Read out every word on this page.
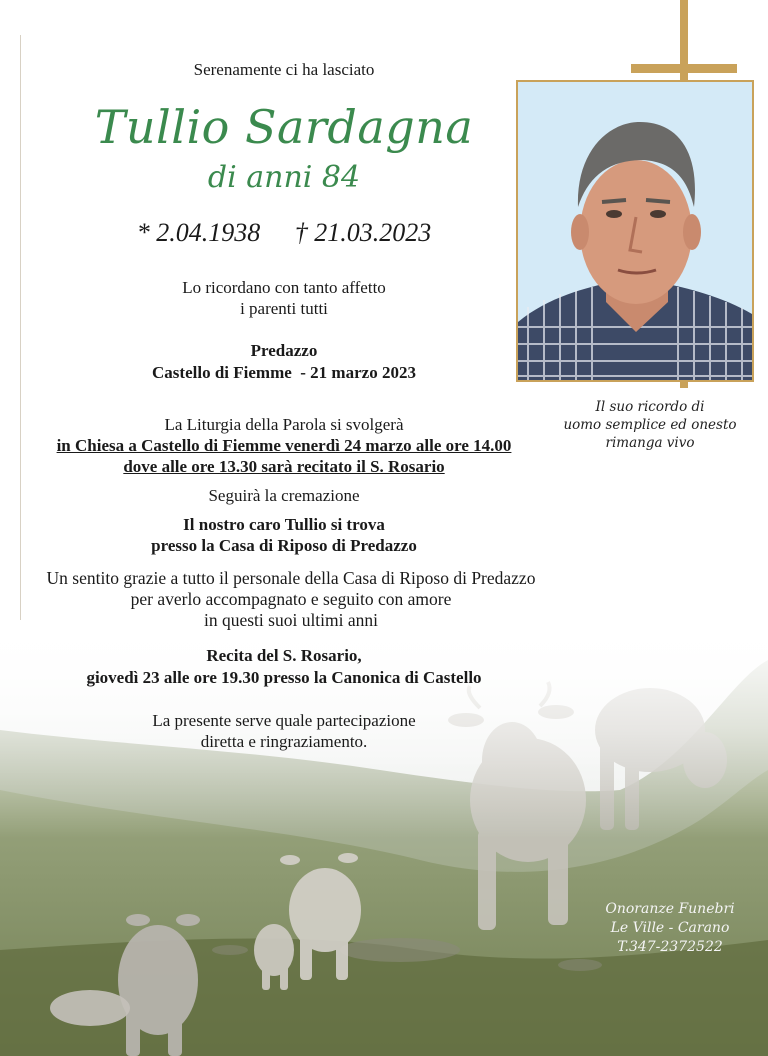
Serenamente ci ha lasciato

Tullio Sardagna

di anni 84

* 2.04.1938 † 21.03.2023

Lo ricordano con tanto affetto
i parenti tutti

Predazzo
Castello di Fiemme  - 21 marzo 2023

La Liturgia della Parola si svolgerà
in Chiesa a Castello di Fiemme venerdì 24 marzo alle ore 14.00
dove alle ore 13.30 sarà recitato il S. Rosario

Seguirà la cremazione

Il nostro caro Tullio si trova
presso la Casa di Riposo di Predazzo

Un sentito grazie a tutto il personale della Casa di Riposo di Predazzo
per averlo accompagnato e seguito con amore
in questi suoi ultimi anni

Recita del S. Rosario,
giovedì 23 alle ore 19.30 presso la Canonica di Castello

La presente serve quale partecipazione
diretta e ringraziamento.

Il suo ricordo di
uomo semplice ed onesto
rimanga vivo

Onoranze Funebri
Le Ville - Carano
T.347-2372522
